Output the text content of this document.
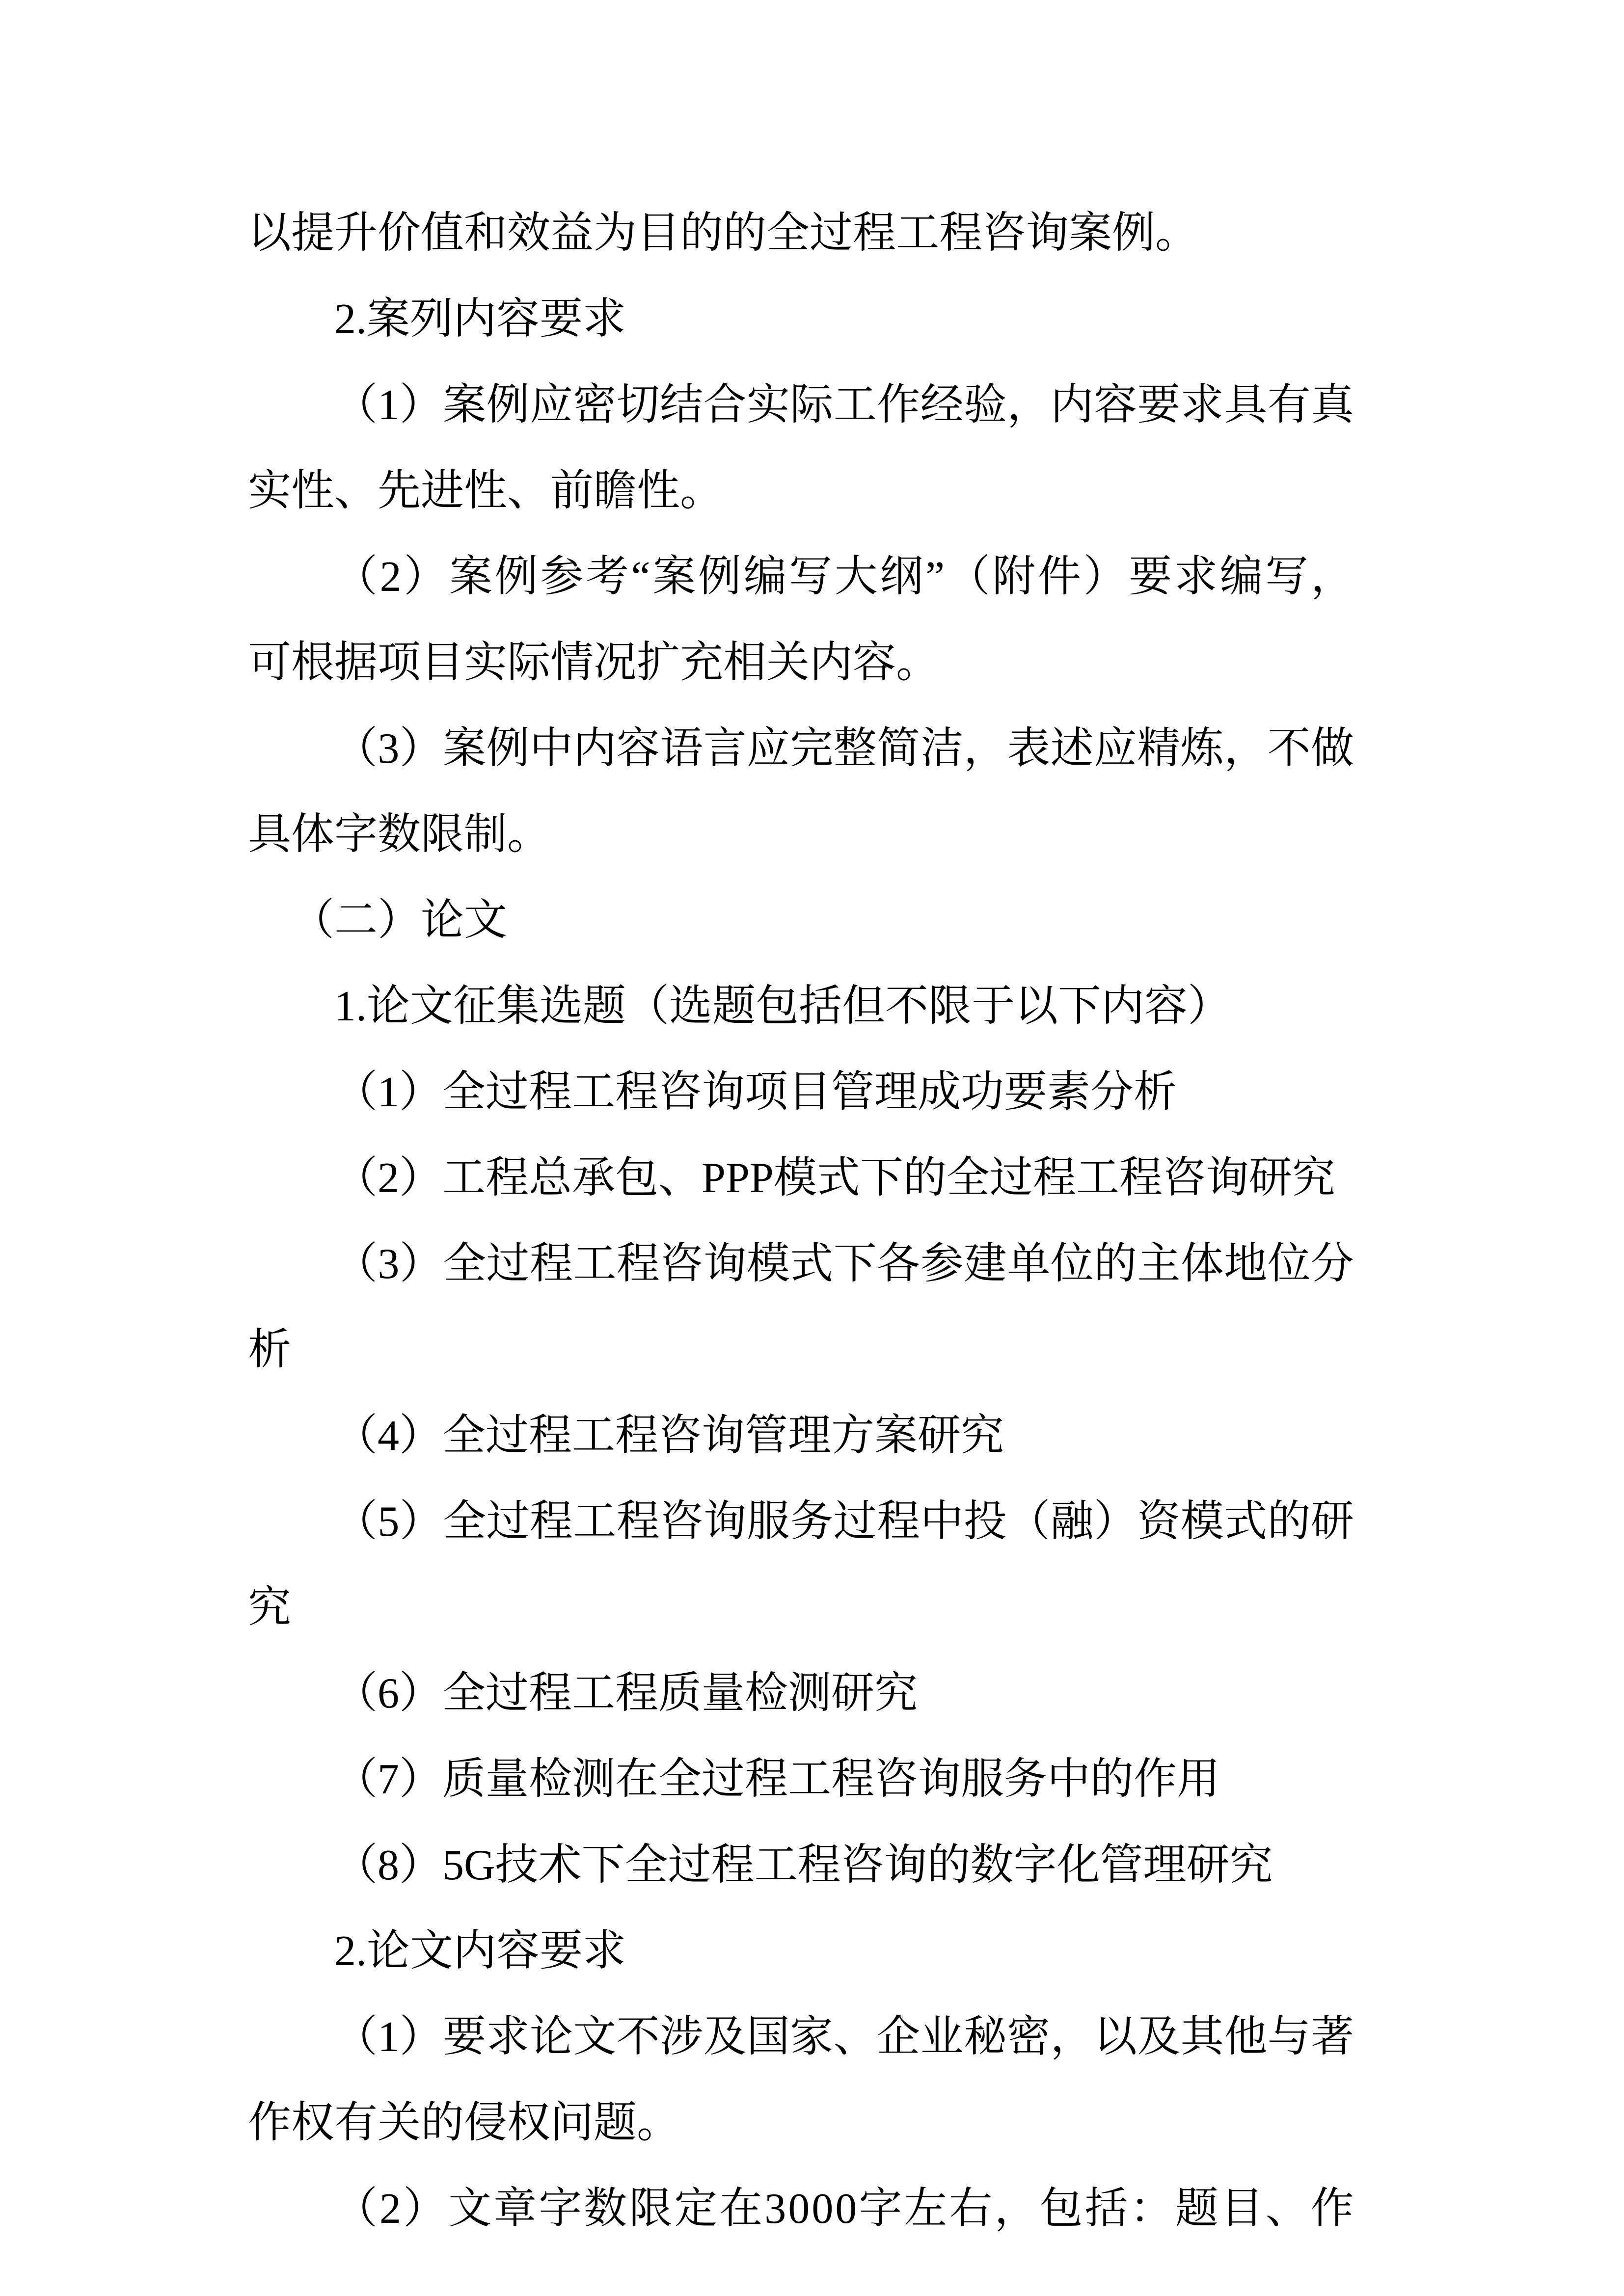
以提升价值和效益为目的的全过程工程咨询案例。
2.案列内容要求
（ 1 ） 案 例 应 密 切 结 合 实 际 工 作 经 验 ， 内 容 要 求 具 有 真
实性、先进性、前瞻性。
（ 2 ） 案 例 参 考 “ 案 例 编 写 大 纲 ” （ 附 件 ） 要 求 编 写 ，
可根据项目实际情况扩充相关内容。
（ 3 ） 案 例 中 内 容 语 言 应 完 整 简 洁 ， 表 述 应 精 炼 ， 不 做
具体字数限制。
（二）论文
1.论文征集选题（选题包括但不限于以下内容）
（1）全过程工程咨询项目管理成功要素分析
（2）工程总承包、PPP模式下的全过程工程咨询研究
（ 3 ） 全 过 程 工 程 咨 询 模 式 下 各 参 建 单 位 的 主 体 地 位 分
析
（4）全过程工程咨询管理方案研究
（ 5 ） 全 过 程 工 程 咨 询 服 务 过 程 中 投 （ 融 ） 资 模 式 的 研
究
（6）全过程工程质量检测研究
（7）质量检测在全过程工程咨询服务中的作用
（8）5G技术下全过程工程咨询的数字化管理研究
2.论文内容要求
（ 1 ） 要 求 论 文 不 涉 及 国 家 、 企 业 秘 密 ， 以 及 其 他 与 著
作权有关的侵权问题。
（ 2 ） 文 章 字 数 限 定 在 3 0 0 0 字 左 右 ， 包 括 ： 题 目 、 作
